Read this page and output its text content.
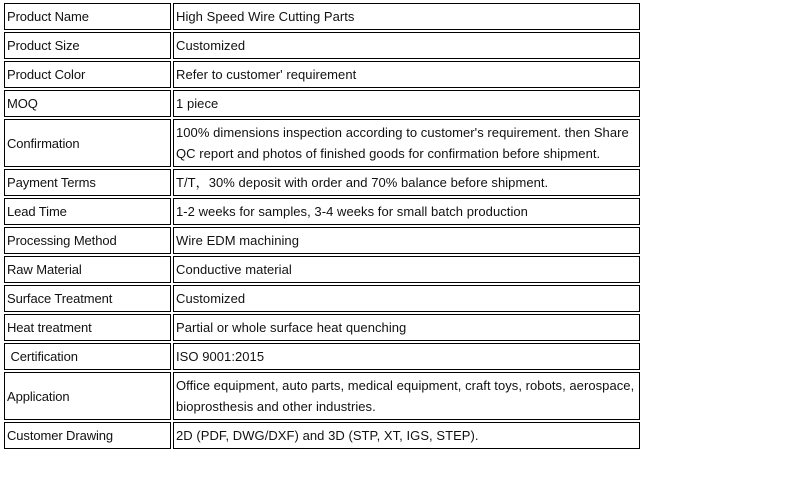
Product Name	High Speed Wire Cutting Parts
Product Size	Customized
Product Color	Refer to customer' requirement
MOQ	1 piece
Confirmation	100% dimensions inspection according to customer's requirement. then Share QC report and photos of finished goods for confirmation before shipment.
Payment Terms	T/T，30% deposit with order and 70% balance before shipment.
Lead Time	1-2 weeks for samples, 3-4 weeks for small batch production
Processing Method	Wire EDM machining
Raw Material	Conductive material
Surface Treatment	Customized
Heat treatment	Partial or whole surface heat quenching
Certification	ISO 9001:2015
Application	Office equipment, auto parts, medical equipment, craft toys, robots, aerospace, bioprosthesis and other industries.
Customer Drawing	2D (PDF, DWG/DXF) and 3D (STP, XT, IGS, STEP).
